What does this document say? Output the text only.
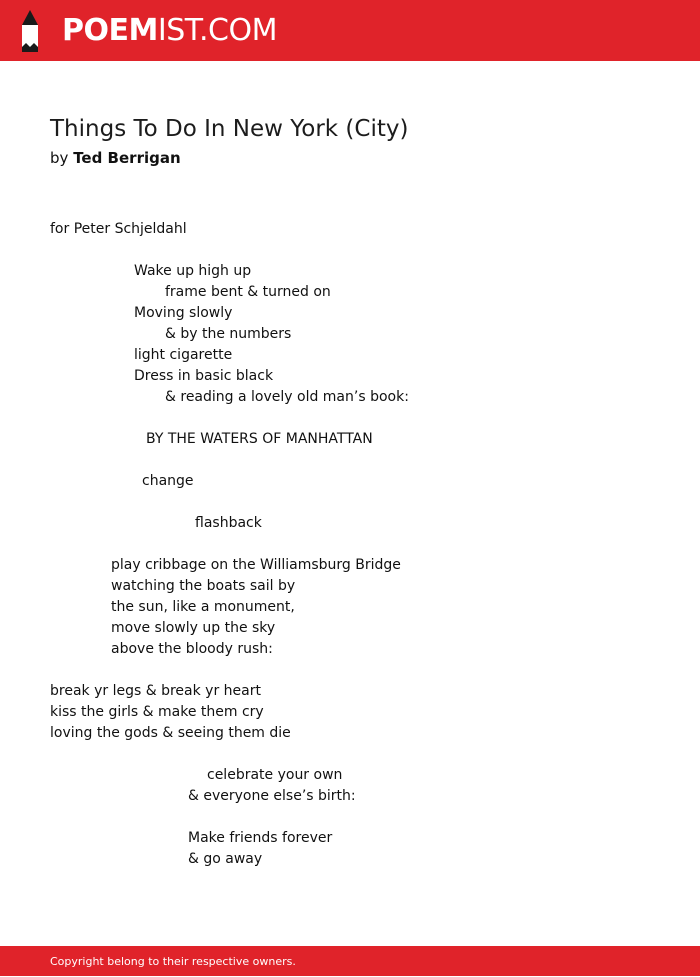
POEMIST.COM
Things To Do In New York (City)
by Ted Berrigan
for Peter Schjeldahl
Wake up high up
frame bent & turned on
Moving slowly
& by the numbers
light cigarette
Dress in basic black
& reading a lovely old man’s book:
BY THE WATERS OF MANHATTAN
change
flashback
play cribbage on the Williamsburg Bridge
watching the boats sail by
the sun, like a monument,
move slowly up the sky
above the bloody rush:
break yr legs & break yr heart
kiss the girls & make them cry
loving the gods & seeing them die
celebrate your own
& everyone else’s birth:
Make friends forever
& go away
Copyright belong to their respective owners.
